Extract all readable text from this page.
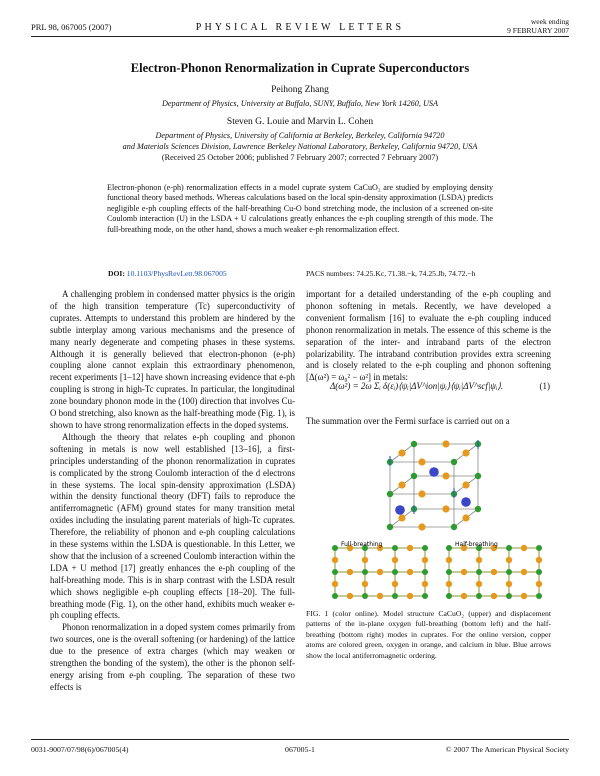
PRL 98, 067005 (2007)	PHYSICAL REVIEW LETTERS
week ending
9 FEBRUARY 2007
Electron-Phonon Renormalization in Cuprate Superconductors
Peihong Zhang
Department of Physics, University at Buffalo, SUNY, Buffalo, New York 14260, USA
Steven G. Louie and Marvin L. Cohen
Department of Physics, University of California at Berkeley, Berkeley, California 94720
and Materials Sciences Division, Lawrence Berkeley National Laboratory, Berkeley, California 94720, USA
(Received 25 October 2006; published 7 February 2007; corrected 7 February 2007)
Electron-phonon (e-ph) renormalization effects in a model cuprate system CaCuO₂ are studied by employing density functional theory based methods. Whereas calculations based on the local spin-density approximation (LSDA) predicts negligible e-ph coupling effects of the half-breathing Cu-O bond stretching mode, the inclusion of a screened on-site Coulomb interaction (U) in the LSDA + U calculations greatly enhances the e-ph coupling strength of this mode. The full-breathing mode, on the other hand, shows a much weaker e-ph renormalization effect.
DOI: 10.1103/PhysRevLett.98.067005	PACS numbers: 74.25.Kc, 71.38.−k, 74.25.Jb, 74.72.−h

A challenging problem in condensed matter physics is the origin of the high transition temperature (Tc) superconductivity of cuprates. Attempts to understand this problem are hindered by the subtle interplay among various mechanisms and the presence of many nearly degenerate and competing phases in these systems. Although it is generally believed that electron-phonon (e-ph) coupling alone cannot explain this extraordinary phenomenon, recent experiments [1–12] have shown increasing evidence that e-ph coupling is strong in high-Tc cuprates. In particular, the longitudinal zone boundary phonon mode in the (100) direction that involves Cu-O bond stretching, also known as the half-breathing mode (Fig. 1), is shown to have strong renormalization effects in the doped systems.

Although the theory that relates e-ph coupling and phonon softening in metals is now well established [13–16], a first-principles understanding of the phonon renormalization in cuprates is complicated by the strong Coulomb interaction of the d electrons in these systems. The local spin-density approximation (LSDA) within the density functional theory (DFT) fails to reproduce the antiferromagnetic (AFM) ground states for many transition metal oxides including the insulating parent materials of high-Tc cuprates. Therefore, the reliability of phonon and e-ph coupling calculations in these systems within the LSDA is questionable. In this Letter, we show that the inclusion of a screened Coulomb interaction within the LDA + U method [17] greatly enhances the e-ph coupling of the half-breathing mode. This is in sharp contrast with the LSDA result which shows negligible e-ph coupling effects [18–20]. The full-breathing mode (Fig. 1), on the other hand, exhibits much weaker e-ph coupling effects.

Phonon renormalization in a doped system comes primarily from two sources, one is the overall softening (or hardening) of the lattice due to the presence of extra charges (which may weaken or strengthen the bonding of the system), the other is the phonon self-energy arising from e-ph coupling. The separation of these two effects is

important for a detailed understanding of the e-ph coupling and phonon softening in metals. Recently, we have developed a convenient formalism [16] to evaluate the e-ph coupling induced phonon renormalization in metals. The essence of this scheme is the separation of the inter- and intraband parts of the electron polarizability. The intraband contribution provides extra screening and is closely related to the e-ph coupling and phonon softening [Δ(ω²) = ω₀² − ω²] in metals:
Δ(ω²) = 2ω Σᵢ δ(εᵢ)⟨ψᵢ|ΔV^ion|ψᵢ⟩⟨ψᵢ|ΔV^scf|ψᵢ⟩.	(1)
The summation over the Fermi surface is carried out on a
Full-breathing	Half-breathing
FIG. 1 (color online). Model structure CaCuO₂ (upper) and displacement patterns of the in-plane oxygen full-breathing (bottom left) and the half-breathing (bottom right) modes in cuprates. For the online version, copper atoms are colored green, oxygen in orange, and calcium in blue. Blue arrows show the local antiferromagnetic ordering.
0031-9007/07/98(6)/067005(4)	067005-1	© 2007 The American Physical Society
